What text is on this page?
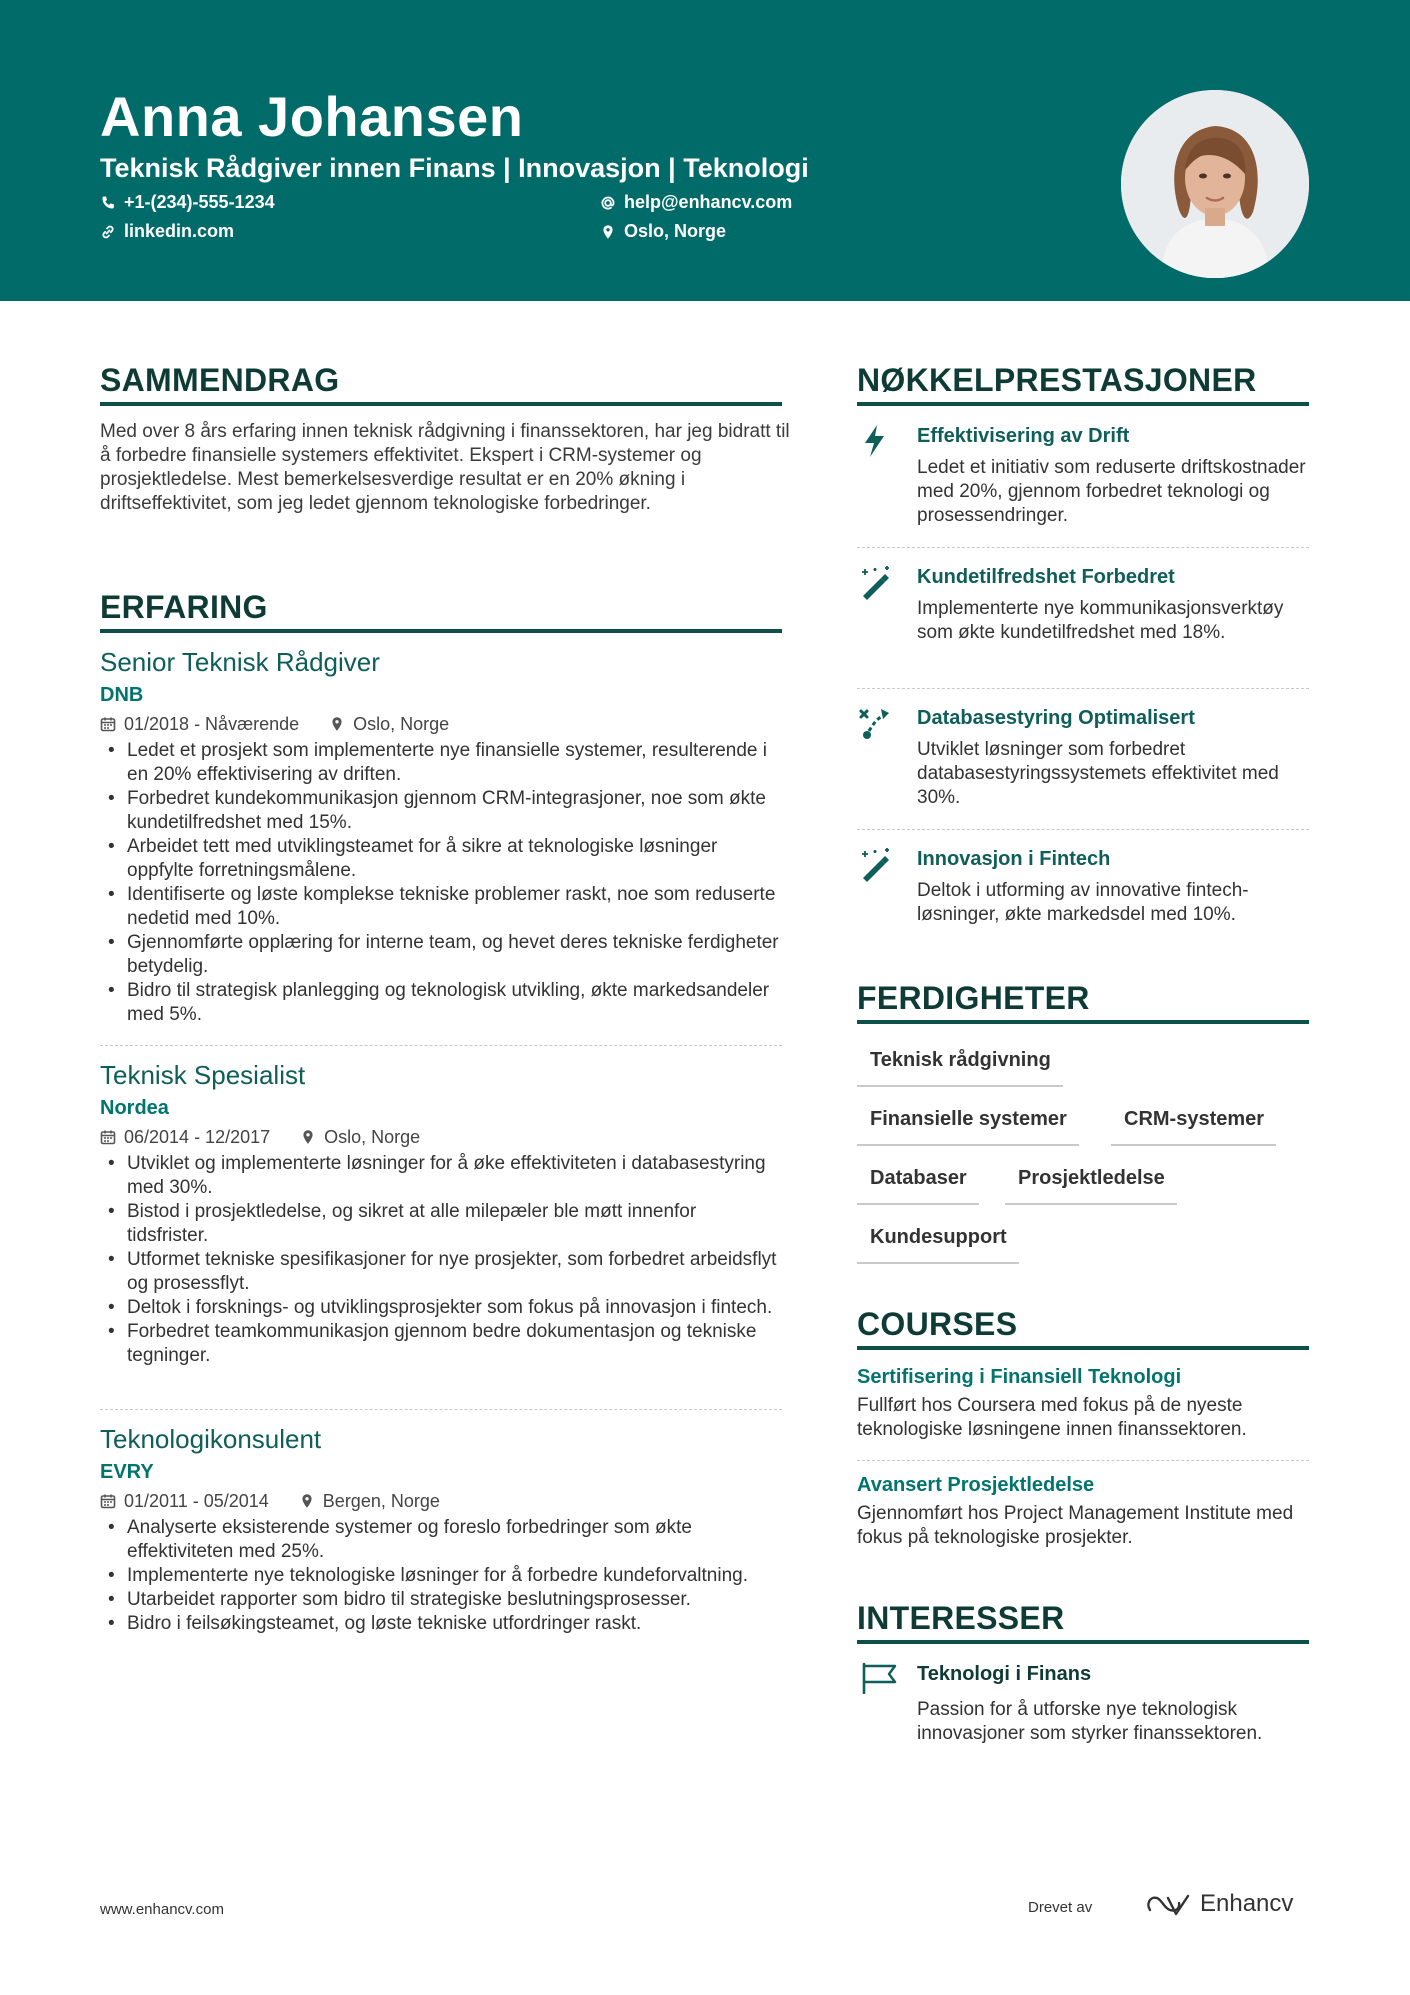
Anna Johansen
Teknisk Rådgiver innen Finans | Innovasjon | Teknologi
+1-(234)-555-1234	help@enhancv.com
linkedin.com	Oslo, Norge
SAMMENDRAG
Med over 8 års erfaring innen teknisk rådgivning i finanssektoren, har jeg bidratt til å forbedre finansielle systemers effektivitet. Ekspert i CRM-systemer og prosjektledelse. Mest bemerkelsesverdige resultat er en 20% økning i driftseffektivitet, som jeg ledet gjennom teknologiske forbedringer.
ERFARING
Senior Teknisk Rådgiver
DNB
01/2018 - Nåværende	Oslo, Norge
• Ledet et prosjekt som implementerte nye finansielle systemer, resulterende i en 20% effektivisering av driften.
• Forbedret kundekommunikasjon gjennom CRM-integrasjoner, noe som økte kundetilfredshet med 15%.
• Arbeidet tett med utviklingsteamet for å sikre at teknologiske løsninger oppfylte forretningsmålene.
• Identifiserte og løste komplekse tekniske problemer raskt, noe som reduserte nedetid med 10%.
• Gjennomførte opplæring for interne team, og hevet deres tekniske ferdigheter betydelig.
• Bidro til strategisk planlegging og teknologisk utvikling, økte markedsandeler med 5%.
Teknisk Spesialist
Nordea
06/2014 - 12/2017	Oslo, Norge
• Utviklet og implementerte løsninger for å øke effektiviteten i databasestyring med 30%.
• Bistod i prosjektledelse, og sikret at alle milepæler ble møtt innenfor tidsfrister.
• Utformet tekniske spesifikasjoner for nye prosjekter, som forbedret arbeidsflyt og prosessflyt.
• Deltok i forsknings- og utviklingsprosjekter som fokus på innovasjon i fintech.
• Forbedret teamkommunikasjon gjennom bedre dokumentasjon og tekniske tegninger.
Teknologikonsulent
EVRY
01/2011 - 05/2014	Bergen, Norge
• Analyserte eksisterende systemer og foreslo forbedringer som økte effektiviteten med 25%.
• Implementerte nye teknologiske løsninger for å forbedre kundeforvaltning.
• Utarbeidet rapporter som bidro til strategiske beslutningsprosesser.
• Bidro i feilsøkingsteamet, og løste tekniske utfordringer raskt.
NØKKELPRESTASJONER
Effektivisering av Drift
Ledet et initiativ som reduserte driftskostnader med 20%, gjennom forbedret teknologi og prosessendringer.
Kundetilfredshet Forbedret
Implementerte nye kommunikasjonsverktøy som økte kundetilfredshet med 18%.
Databasestyring Optimalisert
Utviklet løsninger som forbedret databasestyringssystemets effektivitet med 30%.
Innovasjon i Fintech
Deltok i utforming av innovative fintech-løsninger, økte markedsdel med 10%.
FERDIGHETER
Teknisk rådgivning
Finansielle systemer	CRM-systemer
Databaser	Prosjektledelse
Kundesupport
COURSES
Sertifisering i Finansiell Teknologi
Fullført hos Coursera med fokus på de nyeste teknologiske løsningene innen finanssektoren.
Avansert Prosjektledelse
Gjennomført hos Project Management Institute med fokus på teknologiske prosjekter.
INTERESSER
Teknologi i Finans
Passion for å utforske nye teknologisk innovasjoner som styrker finanssektoren.
www.enhancv.com	Drevet av	Enhancv
